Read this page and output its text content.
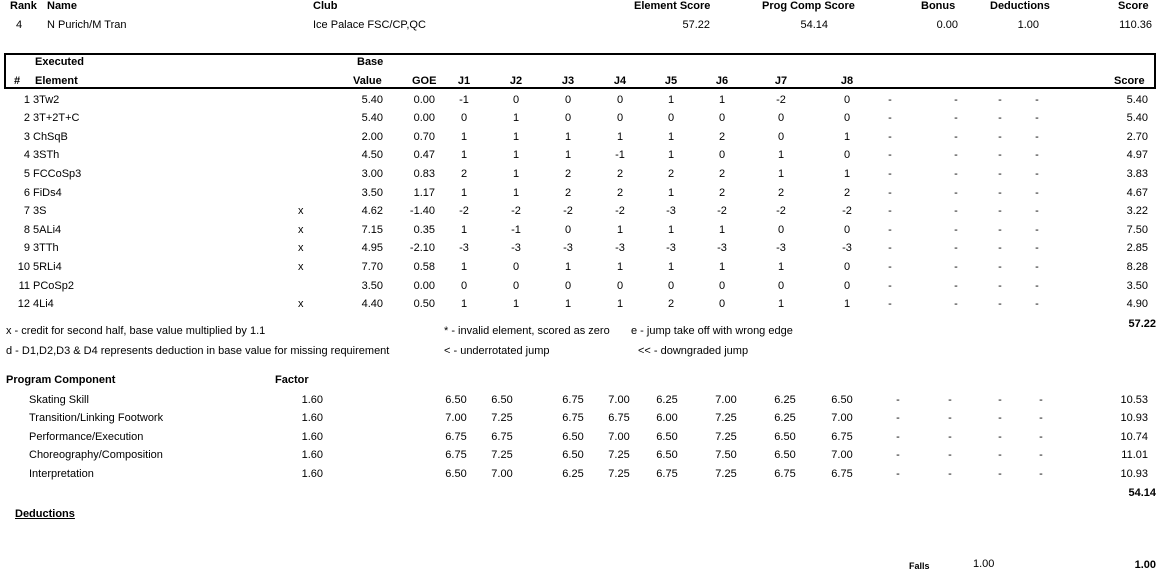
Rank Name	Club	Element Score	Prog Comp Score	Bonus	Deductions	Score
4 N Purich/M Tran	Ice Palace FSC/CP,QC	57.22	54.14	0.00	1.00	110.36
Executed
# Element
Base
Value	GOE	Score
J1	J2	J3	J4	J5	J6	J7	J8
1 3Tw2	5.40	0.00	-1	0	0	0	1	1	-2	0	-	-	-	-	5.40
2 3T+2T+C	5.40	0.00	0	1	0	0	0	0	0	0	-	-	-	-	5.40
3 ChSqB	2.00	0.70	1	1	1	1	1	2	0	1	-	-	-	-	2.70
4 3STh	4.50	0.47	1	1	1	-1	1	0	1	0	-	-	-	-	4.97
5 FCCoSp3	3.00	0.83	2	1	2	2	2	2	1	1	-	-	-	-	3.83
6 FiDs4	3.50	1.17	1	1	2	2	1	2	2	2	-	-	-	-	4.67
7 3S	x	4.62	-1.40	-2	-2	-2	-2	-3	-2	-2	-2	-	-	-	-	3.22
8 5ALi4	x	7.15	0.35	1	-1	0	1	1	1	0	0	-	-	-	-	7.50
9 3TTh	x	4.95	-2.10	-3	-3	-3	-3	-3	-3	-3	-3	-	-	-	-	2.85
10 5RLi4	x	7.70	0.58	1	0	1	1	1	1	1	0	-	-	-	-	8.28
11 PCoSp2	3.50	0.00	0	0	0	0	0	0	0	0	-	-	-	-	3.50
12 4Li4	x	4.40	0.50	1	1	1	1	2	0	1	1	-	-	-	-	4.90
57.22
x - credit for second half, base value multiplied by 1.1
d - D1,D2,D3 & D4 represents deduction in base value for missing requirement
* - invalid element, scored as zero e - jump take off with wrong edge
< - underrotated jump	<< - downgraded jump
Program Component	Factor
Skating Skill	1.60	6.50	6.50	6.75	7.00	6.25	7.00	6.25	6.50	-	-	-	-	10.53
Transition/Linking Footwork	1.60	7.00	7.25	6.75	6.75	6.00	7.25	6.25	7.00	-	-	-	-	10.93
Performance/Execution	1.60	6.75	6.75	6.50	7.00	6.50	7.25	6.50	6.75	-	-	-	-	10.74
Choreography/Composition	1.60	6.75	7.25	6.50	7.25	6.50	7.50	6.50	7.00	-	-	-	-	11.01
Interpretation	1.60	6.50	7.00	6.25	7.25	6.75	7.25	6.75	6.75	-	-	-	-	10.93
54.14
Deductions
Falls	1.00	1.00
